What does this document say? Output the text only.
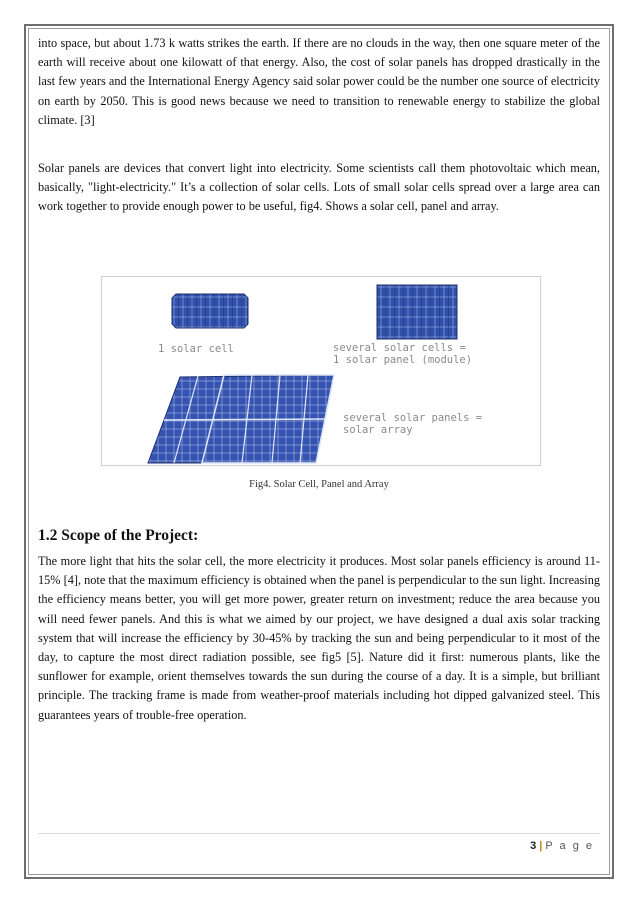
into space, but about 1.73 k watts strikes the earth. If there are no clouds in the way, then one square meter of the earth will receive about one kilowatt of that energy. Also, the cost of solar panels has dropped drastically in the last few years and the International Energy Agency said solar power could be the number one source of electricity on earth by 2050. This is good news because we need to transition to renewable energy to stabilize the global climate. [3]

Solar panels are devices that convert light into electricity. Some scientists call them photovoltaic which mean, basically, "light-electricity." It’s a collection of solar cells. Lots of small solar cells spread over a large area can work together to provide enough power to be useful, fig4. Shows a solar cell, panel and array.

1 solar cell	several solar cells =
1 solar panel (module)
several solar panels =
solar array
Fig4. Solar Cell, Panel and Array
1.2 Scope of the Project:

The more light that hits the solar cell, the more electricity it produces. Most solar panels efficiency is around 11-15% [4], note that the maximum efficiency is obtained when the panel is perpendicular to the sun light. Increasing the efficiency means better, you will get more power, greater return on investment; reduce the area because you will need fewer panels. And this is what we aimed by our project, we have designed a dual axis solar tracking system that will increase the efficiency by 30-45% by tracking the sun and being perpendicular to it most of the day, to capture the most direct radiation possible, see fig5 [5]. Nature did it first: numerous plants, like the sunflower for example, orient themselves towards the sun during the course of a day. It is a simple, but brilliant principle. The tracking frame is made from weather-proof materials including hot dipped galvanized steel. This guarantees years of trouble-free operation.

3 | P a g e
